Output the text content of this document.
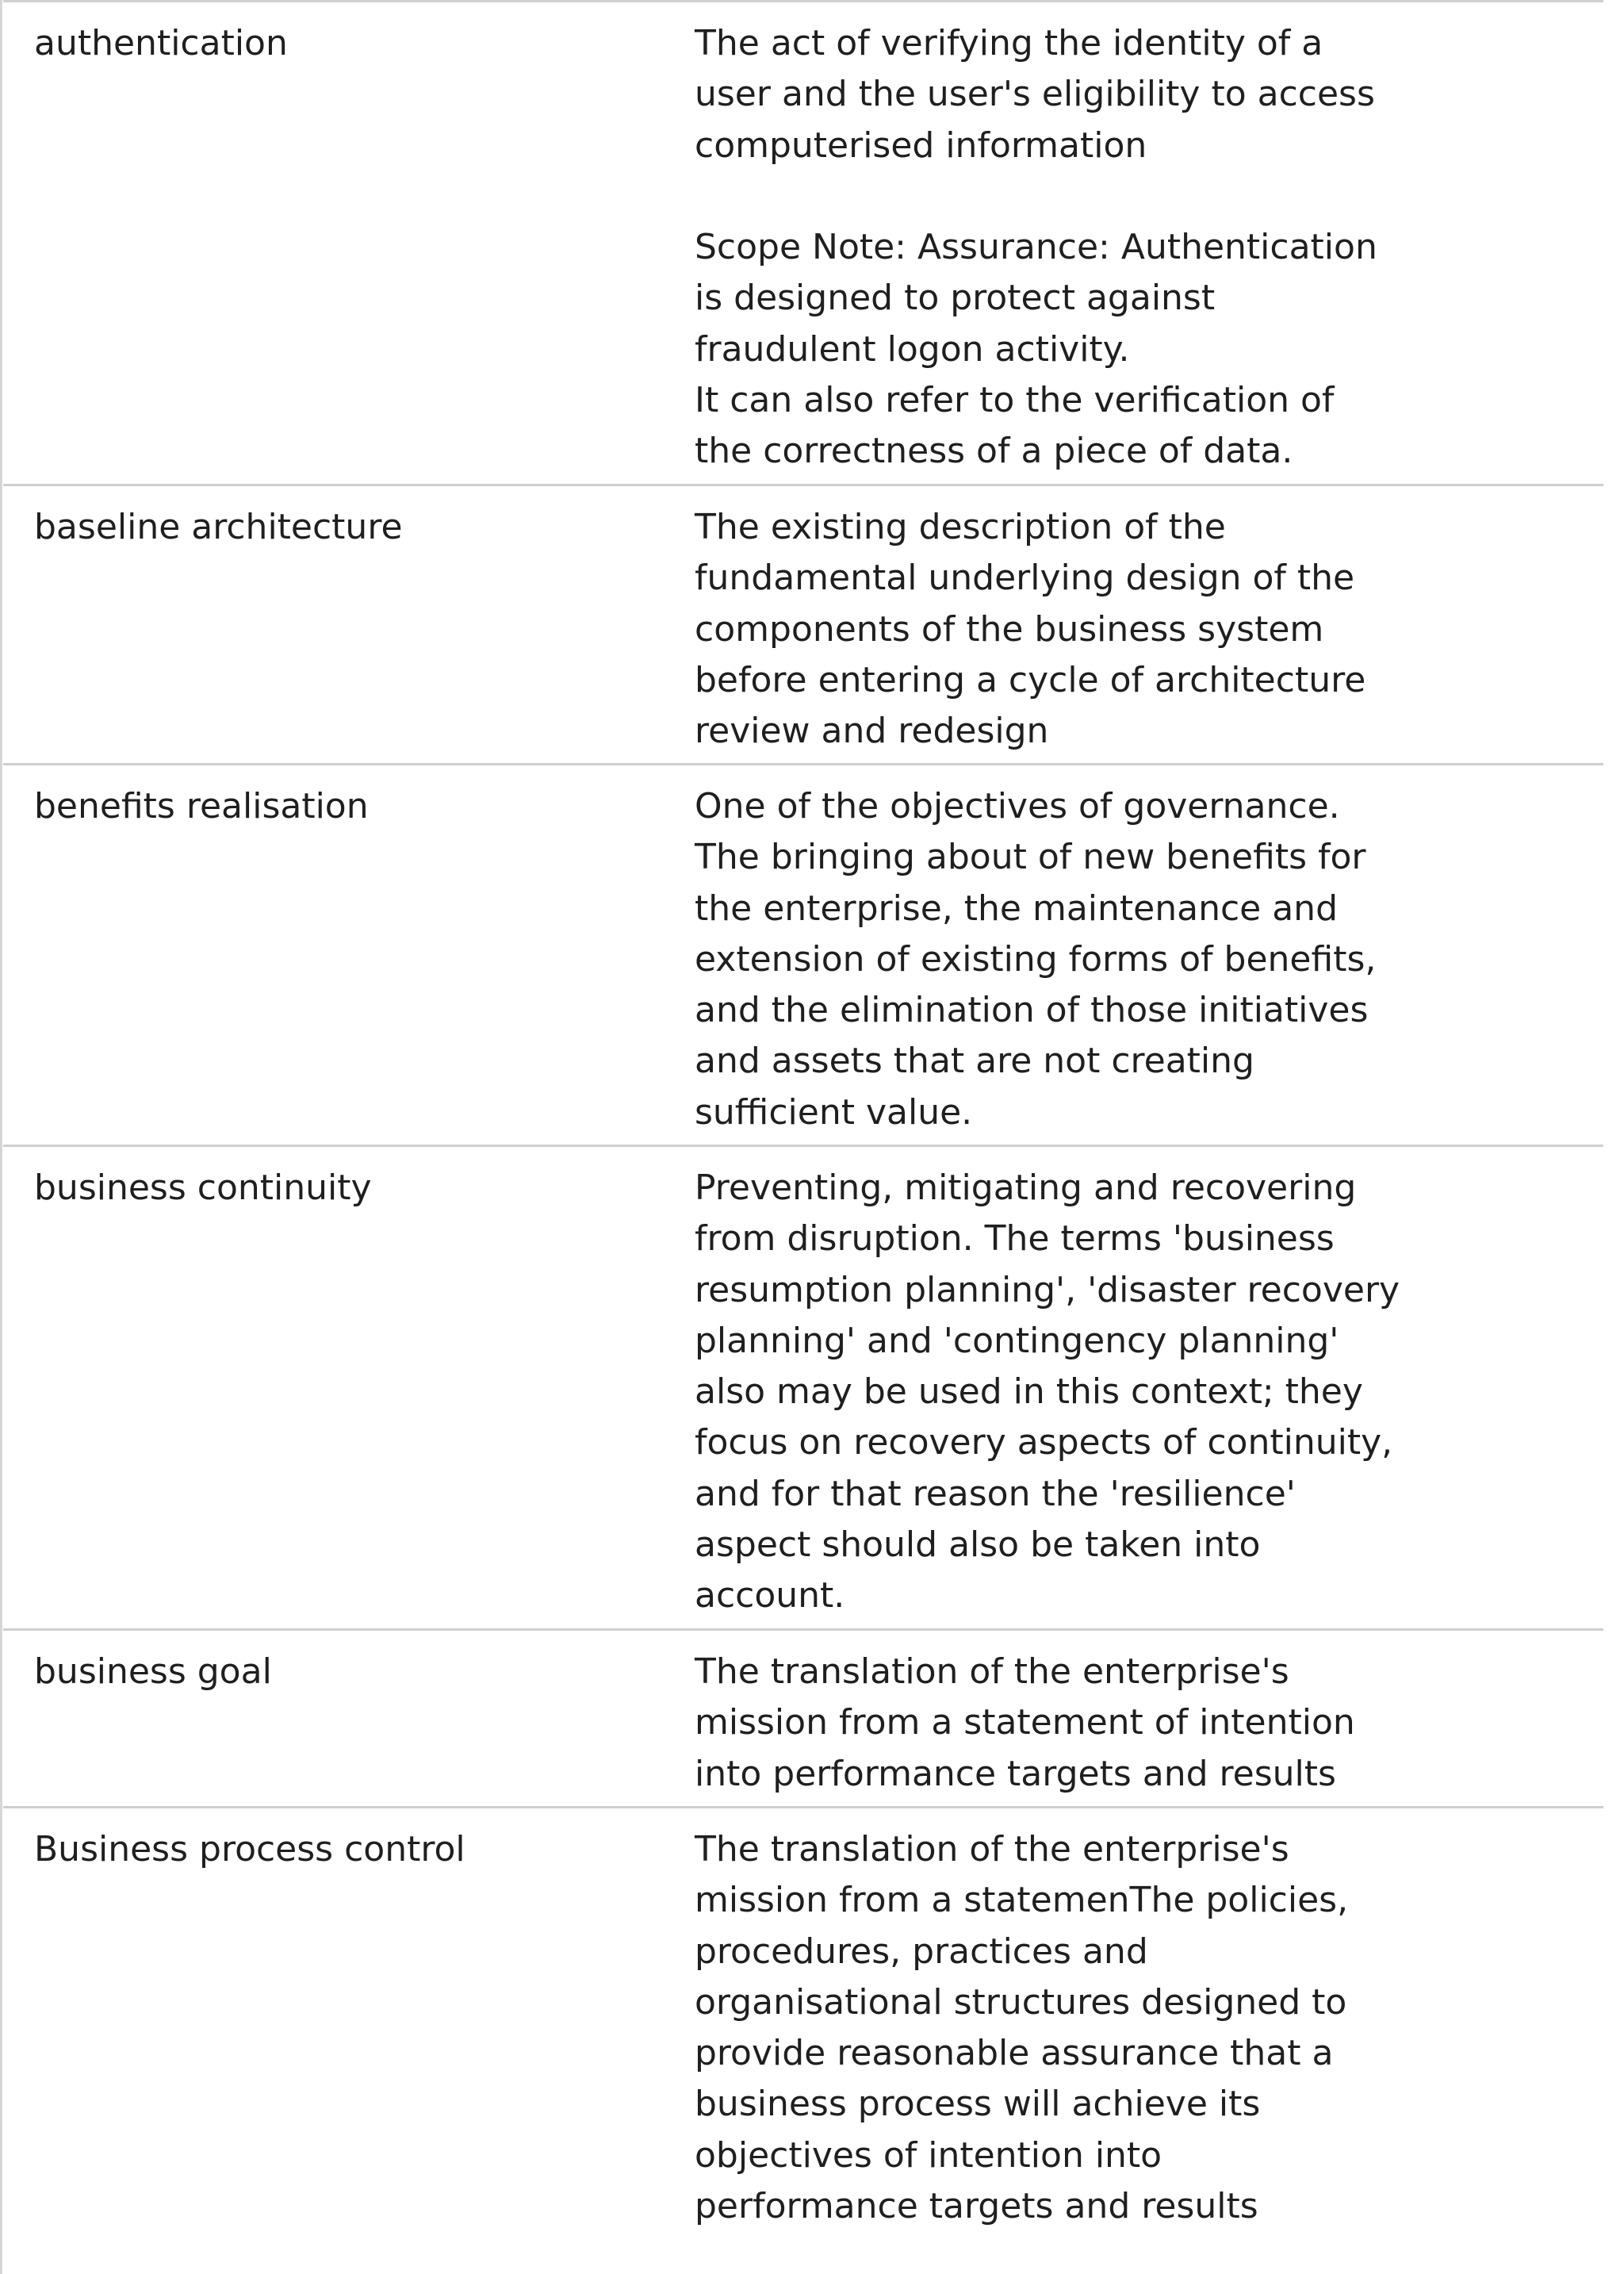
authentication	The act of verifying the identity of a
user and the user's eligibility to access
computerised information
Scope Note: Assurance: Authentication
is designed to protect against
fraudulent logon activity.
It can also refer to the verification of
the correctness of a piece of data.
baseline architecture	The existing description of the
fundamental underlying design of the
components of the business system
before entering a cycle of architecture
review and redesign
benefits realisation	One of the objectives of governance.
The bringing about of new benefits for
the enterprise, the maintenance and
extension of existing forms of benefits,
and the elimination of those initiatives
and assets that are not creating
sufficient value.
business continuity	Preventing, mitigating and recovering
from disruption. The terms 'business
resumption planning', 'disaster recovery
planning' and 'contingency planning'
also may be used in this context; they
focus on recovery aspects of continuity,
and for that reason the 'resilience'
aspect should also be taken into
account.
business goal	The translation of the enterprise's
mission from a statement of intention
into performance targets and results
Business process control	The translation of the enterprise's
mission from a statemenThe policies,
procedures, practices and
organisational structures designed to
provide reasonable assurance that a
business process will achieve its
objectives of intention into
performance targets and results
